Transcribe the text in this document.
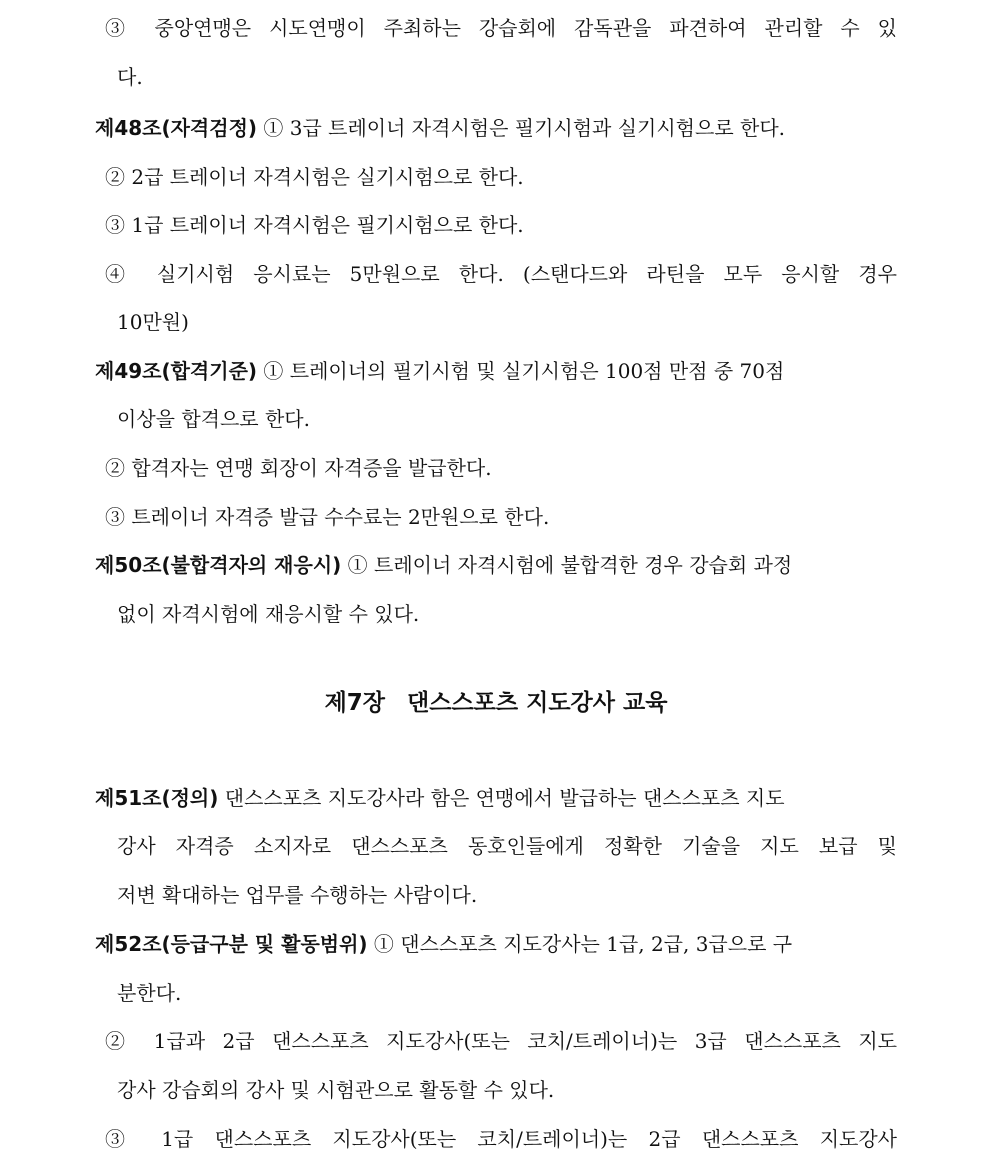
③ 중앙연맹은 시도연맹이 주최하는 강습회에 감독관을 파견하여 관리할 수 있
다.
제48조(자격검정) ① 3급 트레이너 자격시험은 필기시험과 실기시험으로 한다.
② 2급 트레이너 자격시험은 실기시험으로 한다.
③ 1급 트레이너 자격시험은 필기시험으로 한다.
④ 실기시험 응시료는 5만원으로 한다. (스탠다드와 라틴을 모두 응시할 경우
10만원)
제49조(합격기준) ① 트레이너의 필기시험 및 실기시험은 100점 만점 중 70점
이상을 합격으로 한다.
② 합격자는 연맹 회장이 자격증을 발급한다.
③ 트레이너 자격증 발급 수수료는 2만원으로 한다.
제50조(불합격자의 재응시) ① 트레이너 자격시험에 불합격한 경우 강습회 과정
없이 자격시험에 재응시할 수 있다.
제7장 댄스스포츠 지도강사 교육
제51조(정의) 댄스스포츠 지도강사라 함은 연맹에서 발급하는 댄스스포츠 지도
강사 자격증 소지자로 댄스스포츠 동호인들에게 정확한 기술을 지도 보급 및
저변 확대하는 업무를 수행하는 사람이다.
제52조(등급구분 및 활동범위) ① 댄스스포츠 지도강사는 1급, 2급, 3급으로 구
분한다.
② 1급과 2급 댄스스포츠 지도강사(또는 코치/트레이너)는 3급 댄스스포츠 지도
강사 강습회의 강사 및 시험관으로 활동할 수 있다.
③ 1급 댄스스포츠 지도강사(또는 코치/트레이너)는 2급 댄스스포츠 지도강사
